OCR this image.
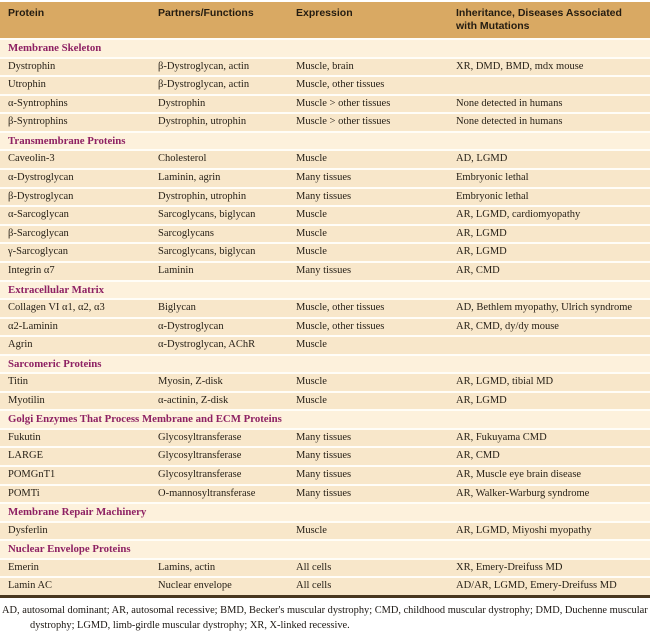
Protein	Partners/Functions	Expression	Inheritance, Diseases Associated with Mutations
Membrane Skeleton			
Dystrophin	β-Dystroglycan, actin	Muscle, brain	XR, DMD, BMD, mdx mouse
Utrophin	β-Dystroglycan, actin	Muscle, other tissues	
α-Syntrophins	Dystrophin	Muscle > other tissues	None detected in humans
β-Syntrophins	Dystrophin, utrophin	Muscle > other tissues	None detected in humans
Transmembrane Proteins			
Caveolin-3	Cholesterol	Muscle	AD, LGMD
α-Dystroglycan	Laminin, agrin	Many tissues	Embryonic lethal
β-Dystroglycan	Dystrophin, utrophin	Many tissues	Embryonic lethal
α-Sarcoglycan	Sarcoglycans, biglycan	Muscle	AR, LGMD, cardiomyopathy
β-Sarcoglycan	Sarcoglycans	Muscle	AR, LGMD
γ-Sarcoglycan	Sarcoglycans, biglycan	Muscle	AR, LGMD
Integrin α7	Laminin	Many tissues	AR, CMD
Extracellular Matrix			
Collagen VI α1, α2, α3	Biglycan	Muscle, other tissues	AD, Bethlem myopathy, Ulrich syndrome
α2-Laminin	α-Dystroglycan	Muscle, other tissues	AR, CMD, dy/dy mouse
Agrin	α-Dystroglycan, AChR	Muscle	
Sarcomeric Proteins			
Titin	Myosin, Z-disk	Muscle	AR, LGMD, tibial MD
Myotilin	α-actinin, Z-disk	Muscle	AR, LGMD
Golgi Enzymes That Process Membrane and ECM Proteins			
Fukutin	Glycosyltransferase	Many tissues	AR, Fukuyama CMD
LARGE	Glycosyltransferase	Many tissues	AR, CMD
POMGnT1	Glycosyltransferase	Many tissues	AR, Muscle eye brain disease
POMTi	O-mannosyltransferase	Many tissues	AR, Walker-Warburg syndrome
Membrane Repair Machinery			
Dysferlin		Muscle	AR, LGMD, Miyoshi myopathy
Nuclear Envelope Proteins			
Emerin	Lamins, actin	All cells	XR, Emery-Dreifuss MD
Lamin AC	Nuclear envelope	All cells	AD/AR, LGMD, Emery-Dreifuss MD
AD, autosomal dominant; AR, autosomal recessive; BMD, Becker's muscular dystrophy; CMD, childhood muscular dystrophy; DMD, Duchenne muscular dystrophy; LGMD, limb-girdle muscular dystrophy; XR, X-linked recessive.
